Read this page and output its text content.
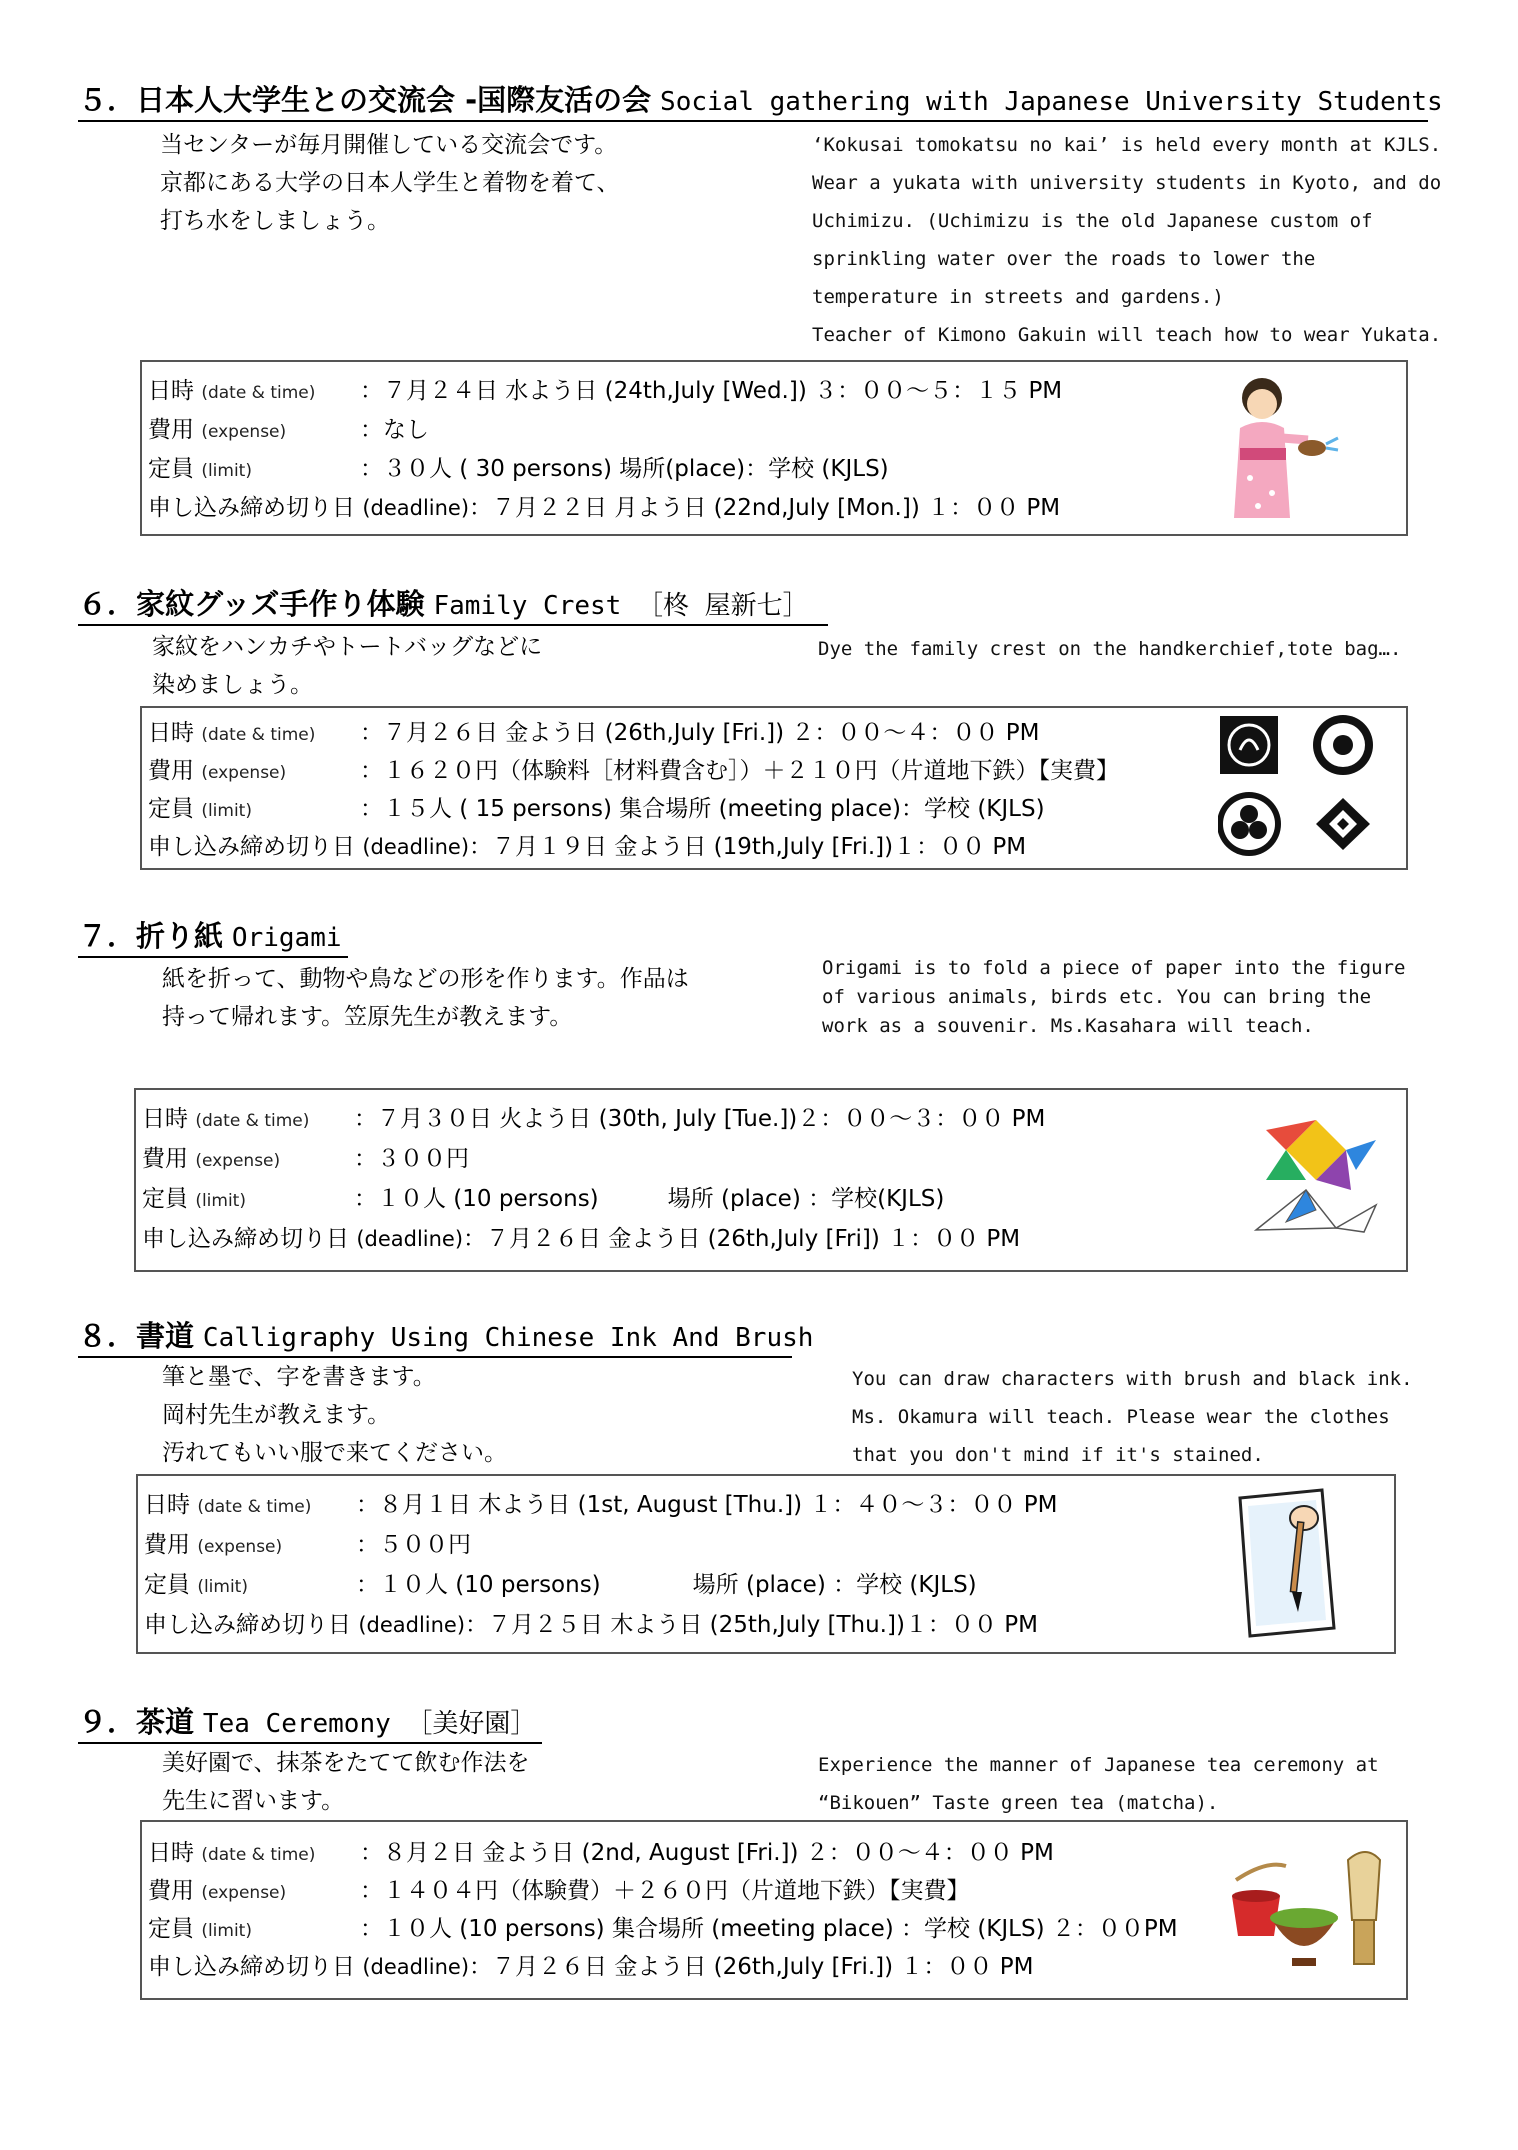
５．日本人大学生との交流会 -国際友活の会 Social gathering with Japanese University Students
当センターが毎月開催している交流会です。
京都にある大学の日本人学生と着物を着て、
打ち水をしましょう。
‘Kokusai tomokatsu no kai’ is held every month at KJLS.
Wear a yukata with university students in Kyoto, and do
Uchimizu. (Uchimizu is the old Japanese custom of
sprinkling water over the roads to lower the
temperature in streets and gardens.)
Teacher of Kimono Gakuin will teach how to wear Yukata.
日時 (date & time) ：７月２４日 水よう日 (24th,July [Wed.]) ３：００～５：１５ PM
費用 (expense)	：なし
定員 (limit)	：３０人 ( 30 persons) 場所(place)：学校 (KJLS)
申し込み締め切り日 (deadline)：７月２２日 月よう日 (22nd,July [Mon.]) １：００ PM
６．家紋グッズ手作り体験 Family Crest ［柊 屋新七］
家紋をハンカチやトートバッグなどに
染めましょう。
Dye the family crest on the handkerchief,tote bag….
日時 (date & time) ：７月２６日 金よう日 (26th,July [Fri.]) ２：００～４：００ PM
費用 (expense)	：１６２０円（体験料［材料費含む］）＋２１０円（片道地下鉄）【実費】
定員 (limit)	：１５人 ( 15 persons) 集合場所 (meeting place)：学校 (KJLS)
申し込み締め切り日 (deadline)：７月１９日 金よう日 (19th,July [Fri.])１：００ PM
７．折り紙 Origami
紙を折って、動物や鳥などの形を作ります。作品は
持って帰れます。笠原先生が教えます。
Origami is to fold a piece of paper into the figure
of various animals, birds etc. You can bring the
work as a souvenir. Ms.Kasahara will teach.
日時 (date & time) ：７月３０日 火よう日 (30th, July [Tue.])２：００～３：００ PM
費用 (expense)	：３００円
定員 (limit)	：１０人 (10 persons)　　　場所 (place) ：学校(KJLS)
申し込み締め切り日 (deadline)：７月２６日 金よう日 (26th,July [Fri]) １：００ PM
８．書道 Calligraphy Using Chinese Ink And Brush
筆と墨で、字を書きます。
岡村先生が教えます。
汚れてもいい服で来てください。
You can draw characters with brush and black ink.
Ms. Okamura will teach. Please wear the clothes
that you don't mind if it's stained.
日時 (date & time) ：８月１日 木よう日 (1st, August [Thu.]) １：４０～３：００ PM
費用 (expense)	：５００円
定員 (limit)	：１０人 (10 persons)　　　　場所 (place) ：学校 (KJLS)
申し込み締め切り日 (deadline)：７月２５日 木よう日 (25th,July [Thu.])１：００ PM
９．茶道 Tea Ceremony ［美好園］
美好園で、抹茶をたてて飲む作法を
先生に習います。
Experience the manner of Japanese tea ceremony at
“Bikouen” Taste green tea (matcha).
日時 (date & time) ：８月２日 金よう日 (2nd, August [Fri.]) ２：００～４：００ PM
費用 (expense)	：１４０４円（体験費）＋２６０円（片道地下鉄）【実費】
定員 (limit)	：１０人 (10 persons) 集合場所 (meeting place) ：学校 (KJLS) ２：００PM
申し込み締め切り日 (deadline)：７月２６日 金よう日 (26th,July [Fri.]) １：００ PM
